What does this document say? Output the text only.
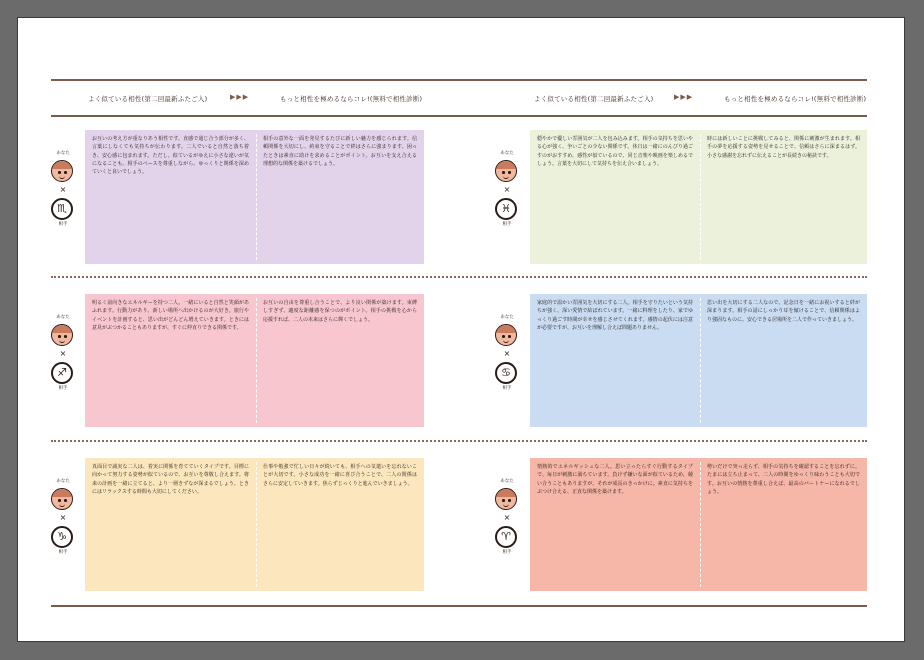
よく似ている相性(第二回最新ふたご入)	▶▶▶	もっと相性を極めるならコレ!(無料で相性診断)	よく似ている相性(第二回最新ふたご入)	▶▶▶	もっと相性を極めるならコレ!(無料で相性診断)
あなた
×
♏
相手
お互いの考え方が重なりあう相性です。直感で通じ合う部分が多く、言葉にしなくても気持ちが伝わります。二人でいると自然と落ち着き、安心感に包まれます。ただし、似ているがゆえに小さな違いが気になることも。相手のペースを尊重しながら、ゆっくりと関係を深めていくと良いでしょう。
相手の意外な一面を発見するたびに新しい魅力を感じられます。信頼関係を大切にし、約束を守ることで絆はさらに強まります。困ったときは素直に助けを求めることがポイント。お互いを支え合える理想的な関係を築けるでしょう。
あなた
×
♓
相手
穏やかで優しい雰囲気が二人を包み込みます。相手の気持ちを思いやる心が強く、争いごとの少ない関係です。休日は一緒にのんびり過ごすのがおすすめ。感性が似ているので、同じ音楽や映画を楽しめるでしょう。言葉を大切にして気持ちを伝え合いましょう。
時には新しいことに挑戦してみると、関係に刺激が生まれます。相手の夢を応援する姿勢を見せることで、信頼はさらに深まるはず。小さな感謝を忘れずに伝えることが長続きの秘訣です。
あなた
×
♐
相手
明るく前向きなエネルギーを持つ二人。一緒にいると自然と笑顔があふれます。行動力があり、新しい場所へ出かけるのが大好き。旅行やイベントを計画すると、思い出がどんどん増えていきます。ときには意見がぶつかることもありますが、すぐに仲直りできる関係です。
お互いの自由を尊重し合うことで、より良い関係が築けます。束縛しすぎず、適度な距離感を保つのがポイント。相手の挑戦を心から応援すれば、二人の未来はさらに輝くでしょう。	あなた
×
♋
相手
家庭的で温かい雰囲気を大切にする二人。相手を守りたいという気持ちが強く、深い愛情で結ばれています。一緒に料理をしたり、家でゆっくり過ごす時間が幸せを感じさせてくれます。感情の起伏には注意が必要ですが、お互いを理解し合えば問題ありません。
思い出を大切にする二人なので、記念日を一緒にお祝いすると絆が深まります。相手の話にしっかり耳を傾けることで、信頼関係はより強固なものに。安心できる居場所を二人で作っていきましょう。
あなた
×
♑
相手
真面目で誠実な二人は、着実に関係を育てていくタイプです。目標に向かって努力する姿勢が似ているので、お互いを尊敬し合えます。将来の計画を一緒に立てると、より一層きずなが深まるでしょう。ときにはリラックスする時間も大切にしてください。
仕事や勉強で忙しい日々が続いても、相手への気遣いを忘れないことが大切です。小さな成功を一緒に喜び合うことで、二人の関係はさらに安定していきます。焦らずじっくりと進んでいきましょう。	あなた
×
♈
相手
情熱的でエネルギッシュな二人。思い立ったらすぐ行動するタイプで、毎日が刺激に満ちています。負けず嫌いな面が似ているため、競い合うこともありますが、それが成長のきっかけに。素直に気持ちをぶつけ合える、正直な関係を築けます。
勢いだけで突っ走らず、相手の気持ちを確認することを忘れずに。たまには立ち止まって、二人の時間をゆっくり味わうことも大切です。お互いの情熱を尊重し合えば、最高のパートナーになれるでしょう。
